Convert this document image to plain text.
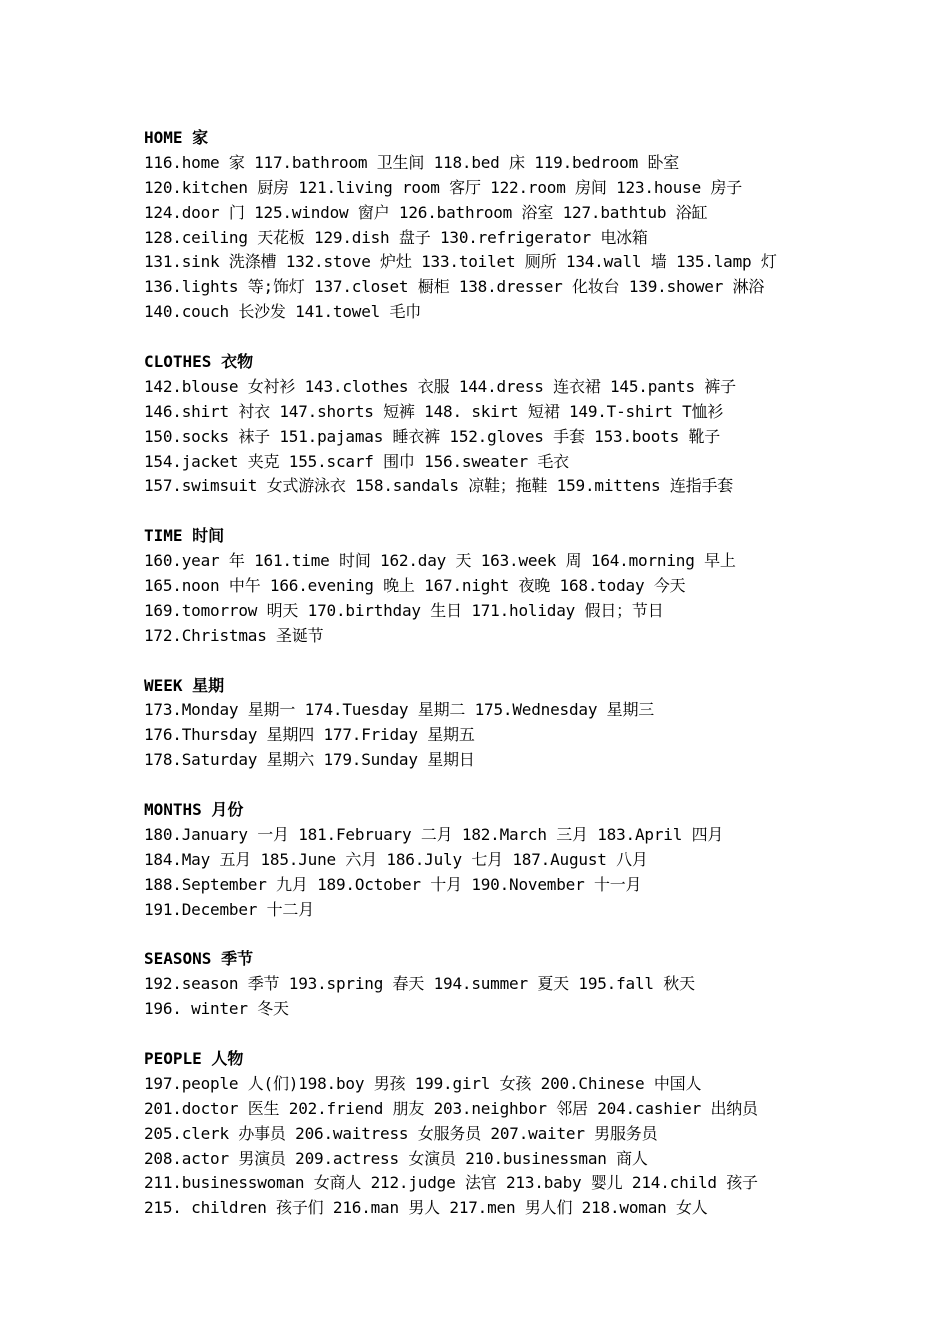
HOME 家
116.home 家 117.bathroom 卫生间 118.bed 床 119.bedroom 卧室
120.kitchen 厨房 121.living room 客厅 122.room 房间 123.house 房子
124.door 门 125.window 窗户 126.bathroom 浴室 127.bathtub 浴缸
128.ceiling 天花板 129.dish 盘子 130.refrigerator 电冰箱
131.sink 洗涤槽 132.stove 炉灶 133.toilet 厕所 134.wall 墙 135.lamp 灯
136.lights 等;饰灯 137.closet 橱柜 138.dresser 化妆台 139.shower 淋浴
140.couch 长沙发 141.towel 毛巾
CLOTHES 衣物
142.blouse 女衬衫 143.clothes 衣服 144.dress 连衣裙 145.pants 裤子
146.shirt 衬衣 147.shorts 短裤 148. skirt 短裙 149.T-shirt T恤衫
150.socks 袜子 151.pajamas 睡衣裤 152.gloves 手套 153.boots 靴子
154.jacket 夹克 155.scarf 围巾 156.sweater 毛衣
157.swimsuit 女式游泳衣 158.sandals 凉鞋；拖鞋 159.mittens 连指手套
TIME 时间
160.year 年 161.time 时间 162.day 天 163.week 周 164.morning 早上
165.noon 中午 166.evening 晚上 167.night 夜晚 168.today 今天
169.tomorrow 明天 170.birthday 生日 171.holiday 假日；节日
172.Christmas 圣诞节
WEEK 星期
173.Monday 星期一 174.Tuesday 星期二 175.Wednesday 星期三
176.Thursday 星期四 177.Friday 星期五
178.Saturday 星期六 179.Sunday 星期日
MONTHS 月份
180.January 一月 181.February 二月 182.March 三月 183.April 四月
184.May 五月 185.June 六月 186.July 七月 187.August 八月
188.September 九月 189.October 十月 190.November 十一月
191.December 十二月
SEASONS 季节
192.season 季节 193.spring 春天 194.summer 夏天 195.fall 秋天
196. winter 冬天
PEOPLE 人物
197.people 人(们)198.boy 男孩 199.girl 女孩 200.Chinese 中国人
201.doctor 医生 202.friend 朋友 203.neighbor 邻居 204.cashier 出纳员
205.clerk 办事员 206.waitress 女服务员 207.waiter 男服务员
208.actor 男演员 209.actress 女演员 210.businessman 商人
211.businesswoman 女商人 212.judge 法官 213.baby 婴儿 214.child 孩子
215. children 孩子们 216.man 男人 217.men 男人们 218.woman 女人
